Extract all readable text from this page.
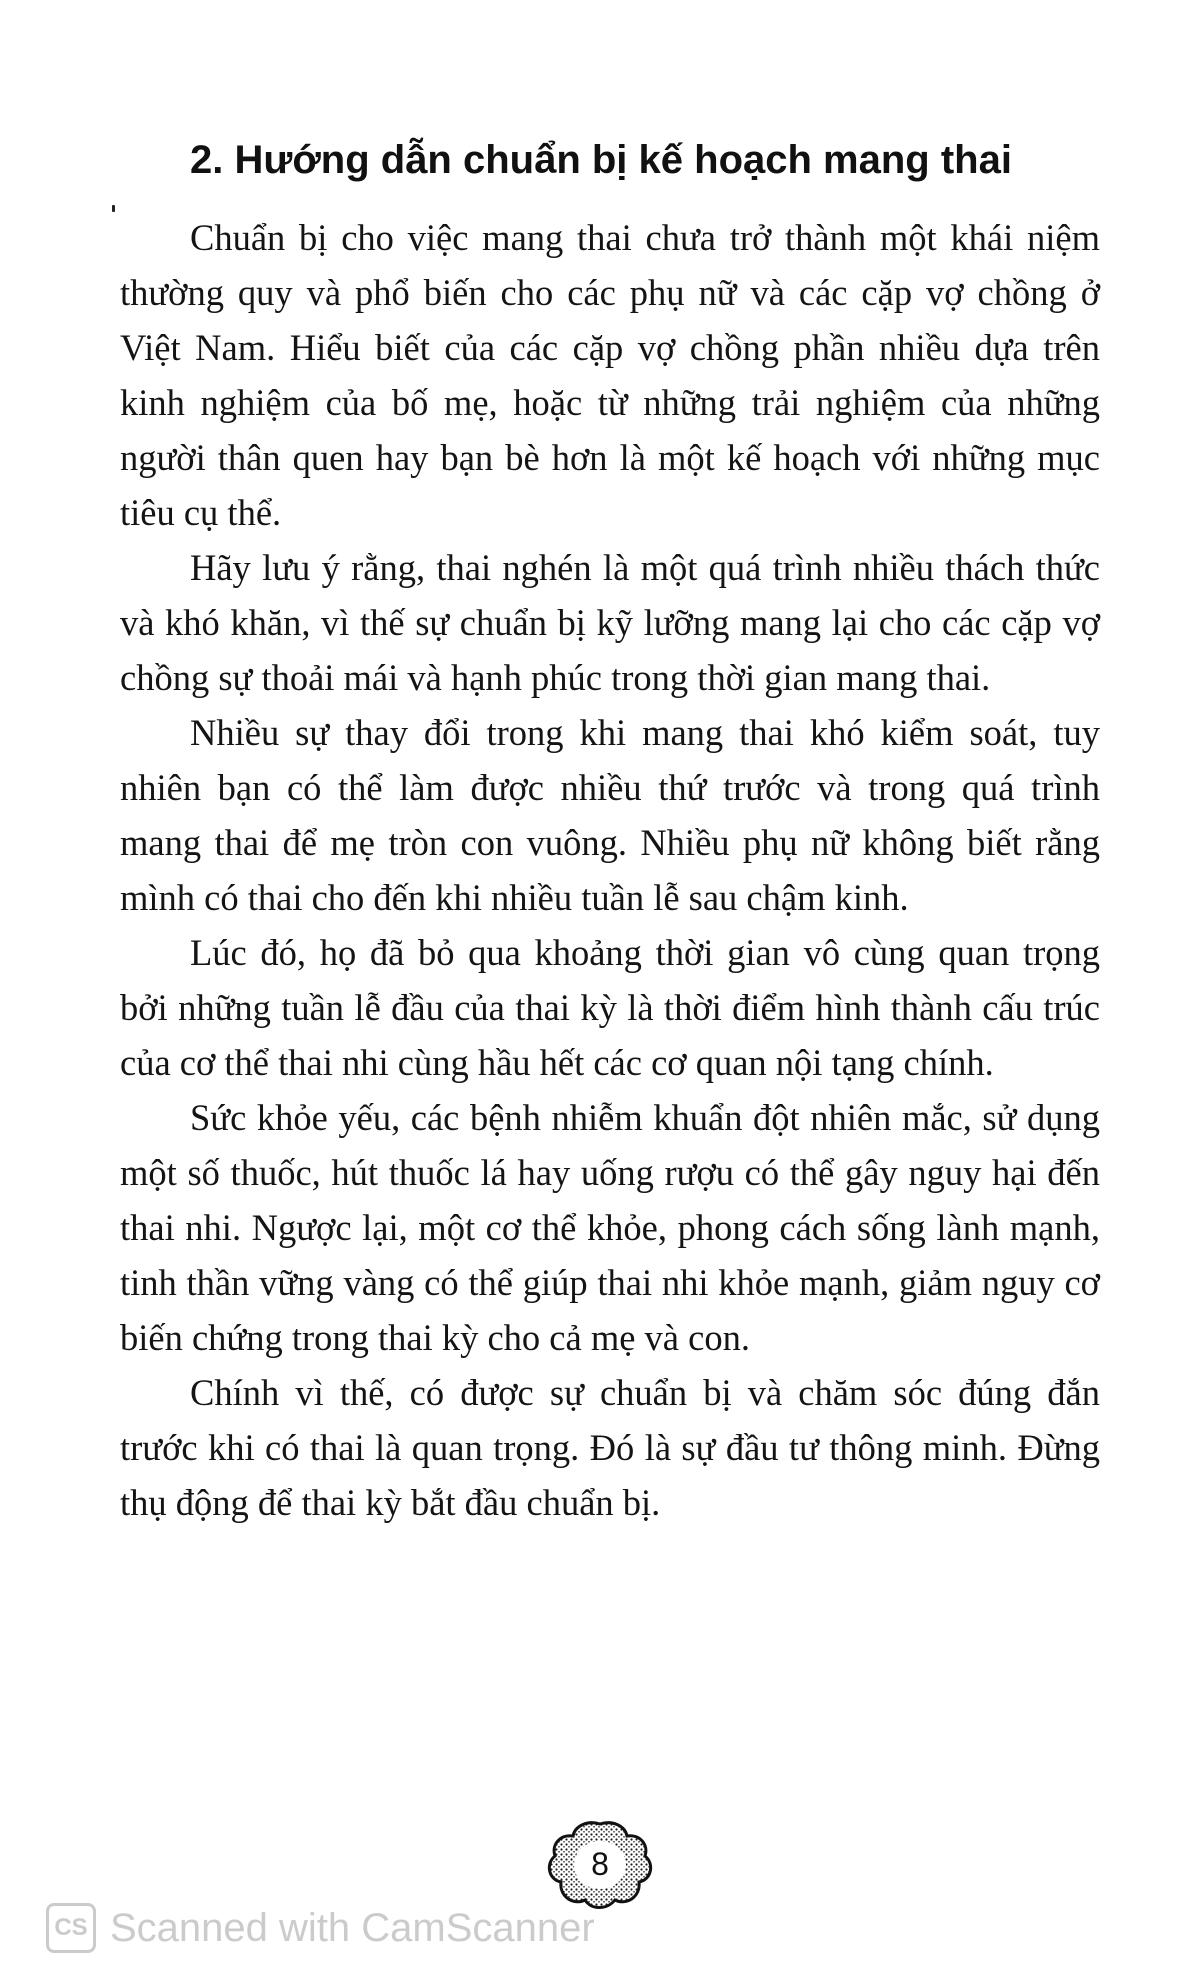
2. Hướng dẫn chuẩn bị kế hoạch mang thai

Chuẩn bị cho việc mang thai chưa trở thành một khái niệm thường quy và phổ biến cho các phụ nữ và các cặp vợ chồng ở Việt Nam. Hiểu biết của các cặp vợ chồng phần nhiều dựa trên kinh nghiệm của bố mẹ, hoặc từ những trải nghiệm của những người thân quen hay bạn bè hơn là một kế hoạch với những mục tiêu cụ thể.

Hãy lưu ý rằng, thai nghén là một quá trình nhiều thách thức và khó khăn, vì thế sự chuẩn bị kỹ lưỡng mang lại cho các cặp vợ chồng sự thoải mái và hạnh phúc trong thời gian mang thai.

Nhiều sự thay đổi trong khi mang thai khó kiểm soát, tuy nhiên bạn có thể làm được nhiều thứ trước và trong quá trình mang thai để mẹ tròn con vuông. Nhiều phụ nữ không biết rằng mình có thai cho đến khi nhiều tuần lễ sau chậm kinh.

Lúc đó, họ đã bỏ qua khoảng thời gian vô cùng quan trọng bởi những tuần lễ đầu của thai kỳ là thời điểm hình thành cấu trúc của cơ thể thai nhi cùng hầu hết các cơ quan nội tạng chính.

Sức khỏe yếu, các bệnh nhiễm khuẩn đột nhiên mắc, sử dụng một số thuốc, hút thuốc lá hay uống rượu có thể gây nguy hại đến thai nhi. Ngược lại, một cơ thể khỏe, phong cách sống lành mạnh, tinh thần vững vàng có thể giúp thai nhi khỏe mạnh, giảm nguy cơ biến chứng trong thai kỳ cho cả mẹ và con.

Chính vì thế, có được sự chuẩn bị và chăm sóc đúng đắn trước khi có thai là quan trọng. Đó là sự đầu tư thông minh. Đừng thụ động để thai kỳ bắt đầu chuẩn bị.

8
CS Scanned with CamScanner
